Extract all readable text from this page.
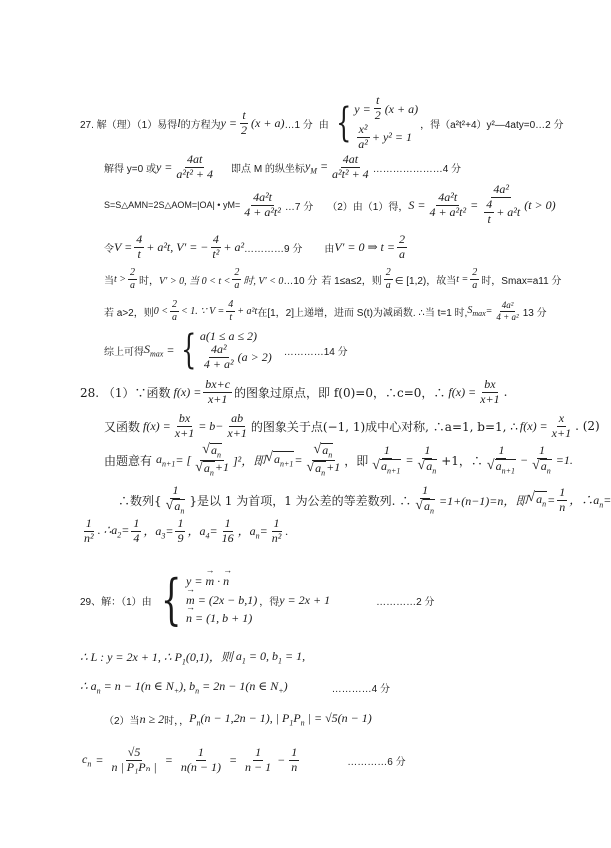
27. 解（理）（1）易得 l 的方程为 $y = \frac{t}{2} (x + a)$ …1 分 由 { $y = \frac{t}{2} (x + a)$
$\frac{\text{x²}}{\text{a²}} + y^2 = 1$
，得（a²t²+4）y²—4aty=0…2 分
解得 y=0 或 $y = \frac{4at}{\text{a²t² + 4}}$ 即点 M 的纵坐标 $y_M = \frac{4at}{\text{a²t² + 4}}$ …………………4 分
S=S△AMN=2S△AOM=|OA| • $yM= \frac{\text{4a²t}}{\text{4 + a²t²}}$ …7 分 （2）由（1）得， $S = \frac{\text{4a²t}}{\text{4 + a²t²}} = \frac{\text{4a²}}{\frac{4}{t} + a^2t} (t > 0)$
令 $V = \frac{4}{t} + a^2t$, V′ = − $\frac{4}{\text{t²}} + a^2$ …………9 分 由 V′ = 0 ⇒ $t = \frac{2}{a}$
当 $t > \frac{2}{a}$ 时， V′ > 0, 当 $0 < t < \frac{2}{a}$ 时, V′ < 0 …10 分 若 1≤a≤2，则 $\frac{2}{a}$ ∈ [1,2)，故当 $t = \frac{2}{a}$ 时，Smax=a11 分
若 a>2，则 $0 < \frac{2}{a} < 1$. ∵ $V = \frac{4}{t} + a^2t$ 在[1，2]上递增，进而 S(t)为减函数. ∴当 t=1 时, $S_{max} = \frac{\text{4a²}}{\text{4 + a²}} 13$ 分
综上可得 $S_{max}$ = { a(1 ≤ a ≤ 2)
$\frac{\text{4a²}}{\text{4 + a²}} (a > 2)$ …………14 分
28. （1）∵函数 $f(x) = \frac{bx+c}{x+1}$ 的图象过原点，即 f(0)=0，∴c=0，∴ $f(x) = \frac{bx}{x+1}$ .
又函数 $f(x) = \frac{bx}{x+1} = b- \frac{ab}{x+1}$ 的图象关于点(−1, 1)成中心对称, ∴a=1, b=1, ∴ $f(x) = \frac{x}{x+1}$ . (2)
由题意有 $a_{n+1}$ = [ $\frac{√ a_n}{√ a_n +1} ]^2$，即 √ $a_{n+1} = \frac{√ a_n}{√ a_n +1}$ ，即 $\frac{1}{√ a_{n+1}} = \frac{1}{√ a_n} +1$，∴ $\frac{1}{√ a_{n+1}} - \frac{1}{√ a_n} =1$.
∴数列{ $\frac{1}{√ a_n}$ }是以 1 为首项，1 为公差的等差数列. ∴ $\frac{1}{√ a_n} =1+(n-1)=n$，即 √ $a_n = \frac{1}{n}$ ，$\therefore a_n=$
$\frac{1}{\text{n²}}$ . $\therefore a_2= \frac{1}{4}$ ，$a_3= \frac{1}{9}$ ，$a_4= \frac{1}{16}$ ，$a_n= \frac{1}{\text{n²}}$ .
29、解：（1）由 { y =
→ m
·
→ n
→ m
= (2x − b,1)
→ n
= (1, b + 1)
，得 y = 2x + 1	…………2 分
∴ L : y = 2x + 1, ∴ $P_1(0,1)$，则 $a_1 = 0$, $b_1 = 1$,
∴ $a_n = n - 1(n$ ∈ $N_+$), $b_n = 2n - 1(n$ ∈ $N_+$)	…………4 分
（2）当 n ≥ 2 时，， $P_n(n - 1,2n - 1)$, | $P_1P_n$ | = √5(n − 1)
$c_n = \frac{√5}{\text{n | P₁Pₙ |}} = \frac{1}{n(n - 1)} = \frac{1}{n - 1} - \frac{1}{n}$	…………6 分
